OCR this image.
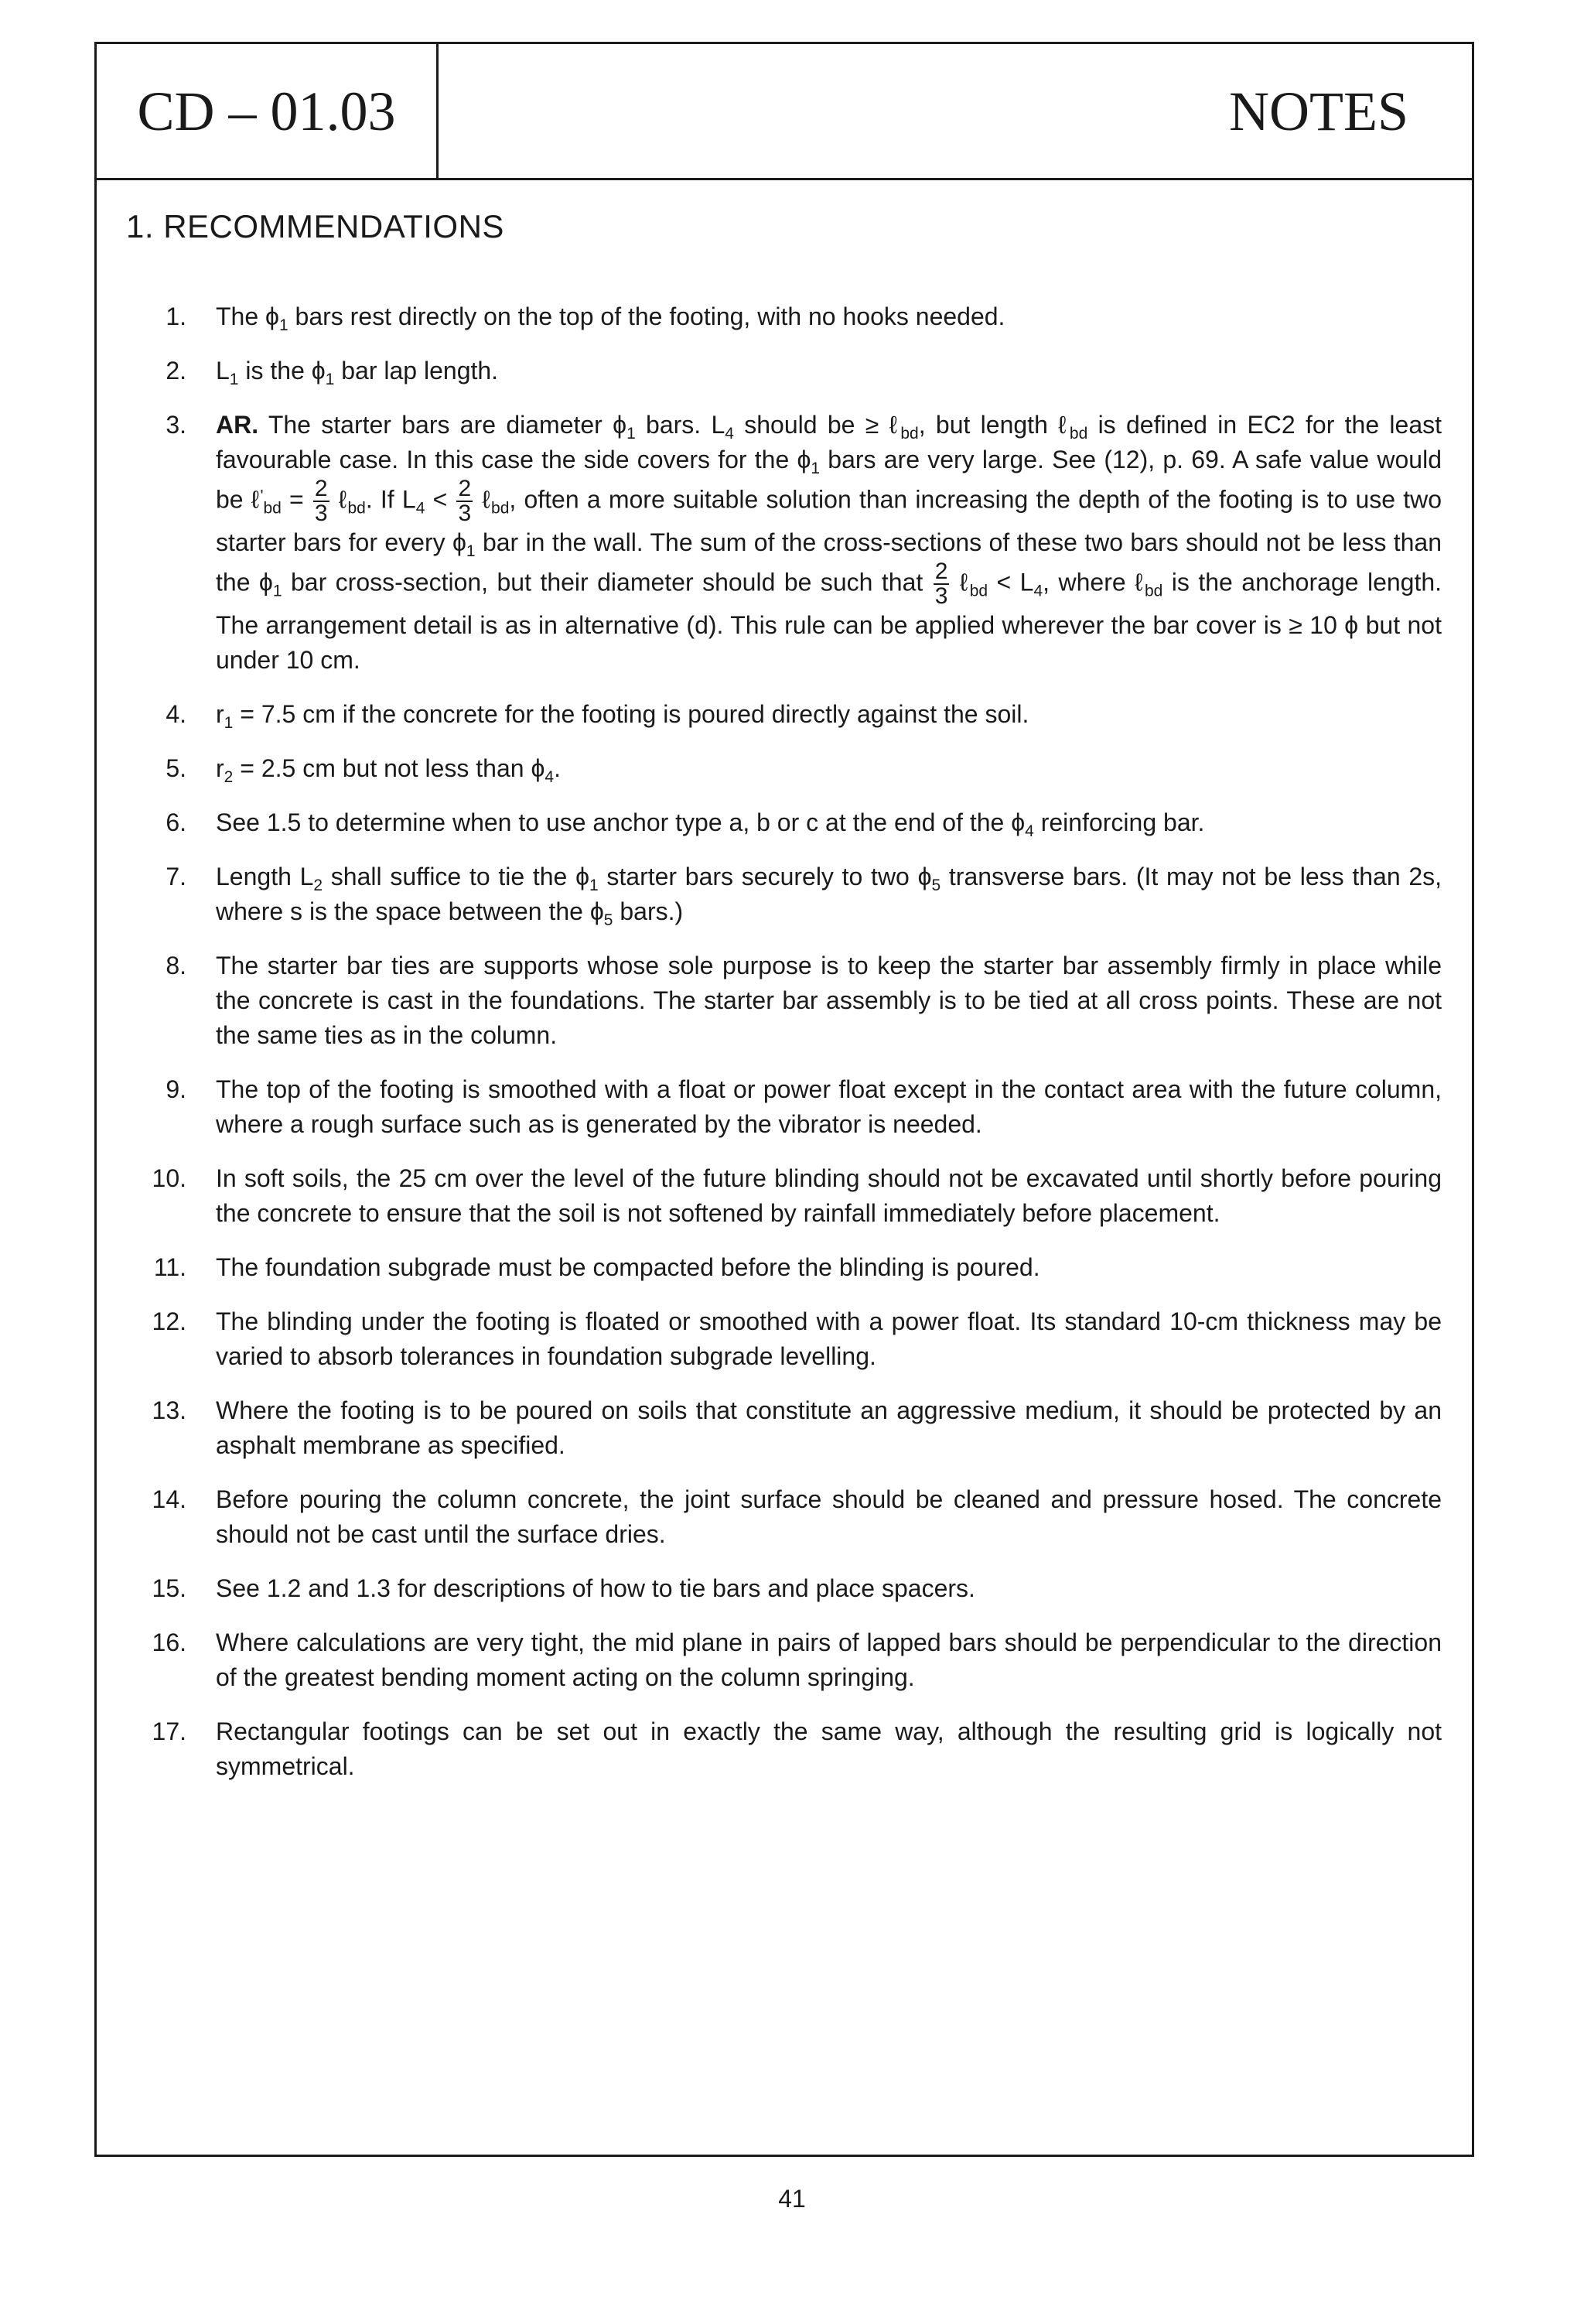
CD – 01.03	NOTES
1. RECOMMENDATIONS
1. The $\phi_1$ bars rest directly on the top of the footing, with no hooks needed.
2. $L_1$ is the $\phi_1$ bar lap length.
3. AR. The starter bars are diameter $\phi_1$ bars. $L_4$ should be ≥ ℓ$_{bd}$, but length ℓ$_{bd}$ is defined in EC2 for the least favourable case. In this case the side covers for the $\phi_1$ bars are very large. See (12), p. 69. A safe value would be ℓ'$_{bd}$ = $\frac{2}{3}$ ℓ$_{bd}$. If $L_4 < \frac{2}{3}$ ℓ$_{bd}$, often a more suitable solution than increasing the depth of the footing is to use two starter bars for every $\phi_1$ bar in the wall. The sum of the cross-sections of these two bars should not be less than the $\phi_1$ bar cross-section, but their diameter should be such that $\frac{2}{3}$ ℓ$_{bd}$ < $L_4$, where ℓ$_{bd}$ is the anchorage length. The arrangement detail is as in alternative (d). This rule can be applied wherever the bar cover is ≥ 10 ϕ but not under 10 cm.
4. $r_1 = 7.5$ cm if the concrete for the footing is poured directly against the soil.
5. $r_2 = 2.5$ cm but not less than $\phi_4$.
6. See 1.5 to determine when to use anchor type a, b or c at the end of the $\phi_4$ reinforcing bar.
7. Length $L_2$ shall suffice to tie the $\phi_1$ starter bars securely to two $\phi_5$ transverse bars. (It may not be less than 2s, where s is the space between the $\phi_5$ bars.)
8. The starter bar ties are supports whose sole purpose is to keep the starter bar assembly firmly in place while the concrete is cast in the foundations. The starter bar assembly is to be tied at all cross points. These are not the same ties as in the column.
9. The top of the footing is smoothed with a float or power float except in the contact area with the future column, where a rough surface such as is generated by the vibrator is needed.
10. In soft soils, the 25 cm over the level of the future blinding should not be excavated until shortly before pouring the concrete to ensure that the soil is not softened by rainfall immediately before placement.
11. The foundation subgrade must be compacted before the blinding is poured.
12. The blinding under the footing is floated or smoothed with a power float. Its standard 10-cm thickness may be varied to absorb tolerances in foundation subgrade levelling.
13. Where the footing is to be poured on soils that constitute an aggressive medium, it should be protected by an asphalt membrane as specified.
14. Before pouring the column concrete, the joint surface should be cleaned and pressure hosed. The concrete should not be cast until the surface dries.
15. See 1.2 and 1.3 for descriptions of how to tie bars and place spacers.
16. Where calculations are very tight, the mid plane in pairs of lapped bars should be perpendicular to the direction of the greatest bending moment acting on the column springing.
17. Rectangular footings can be set out in exactly the same way, although the resulting grid is logically not symmetrical.
41
